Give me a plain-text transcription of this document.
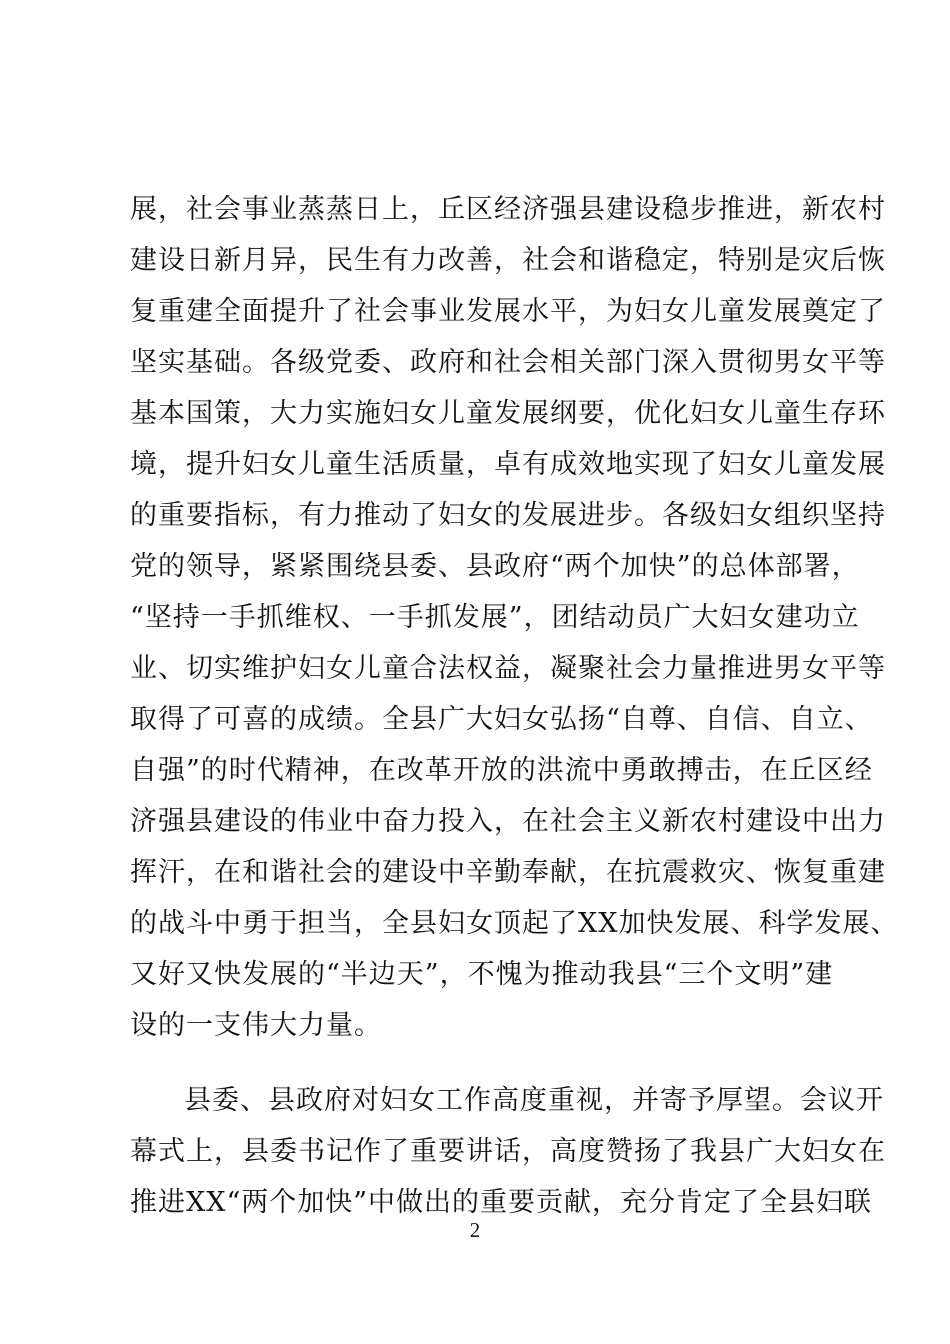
展，社会事业蒸蒸日上，丘区经济强县建设稳步推进，新农村
建设日新月异，民生有力改善，社会和谐稳定，特别是灾后恢
复重建全面提升了社会事业发展水平，为妇女儿童发展奠定了
坚实基础。各级党委、政府和社会相关部门深入贯彻男女平等
基本国策，大力实施妇女儿童发展纲要，优化妇女儿童生存环
境，提升妇女儿童生活质量，卓有成效地实现了妇女儿童发展
的重要指标，有力推动了妇女的发展进步。各级妇女组织坚持
党的领导，紧紧围绕县委、县政府“两个加快”的总体部署，
“坚持一手抓维权、一手抓发展”，团结动员广大妇女建功立
业、切实维护妇女儿童合法权益，凝聚社会力量推进男女平等
取得了可喜的成绩。全县广大妇女弘扬“自尊、自信、自立、
自强”的时代精神，在改革开放的洪流中勇敢搏击，在丘区经
济强县建设的伟业中奋力投入，在社会主义新农村建设中出力
挥汗，在和谐社会的建设中辛勤奉献，在抗震救灾、恢复重建
的战斗中勇于担当，全县妇女顶起了XX加快发展、科学发展、
又好又快发展的“半边天”，不愧为推动我县“三个文明”建
设的一支伟大力量。
县委、县政府对妇女工作高度重视，并寄予厚望。会议开
幕式上，县委书记作了重要讲话，高度赞扬了我县广大妇女在
推进XX“两个加快”中做出的重要贡献，充分肯定了全县妇联
2
